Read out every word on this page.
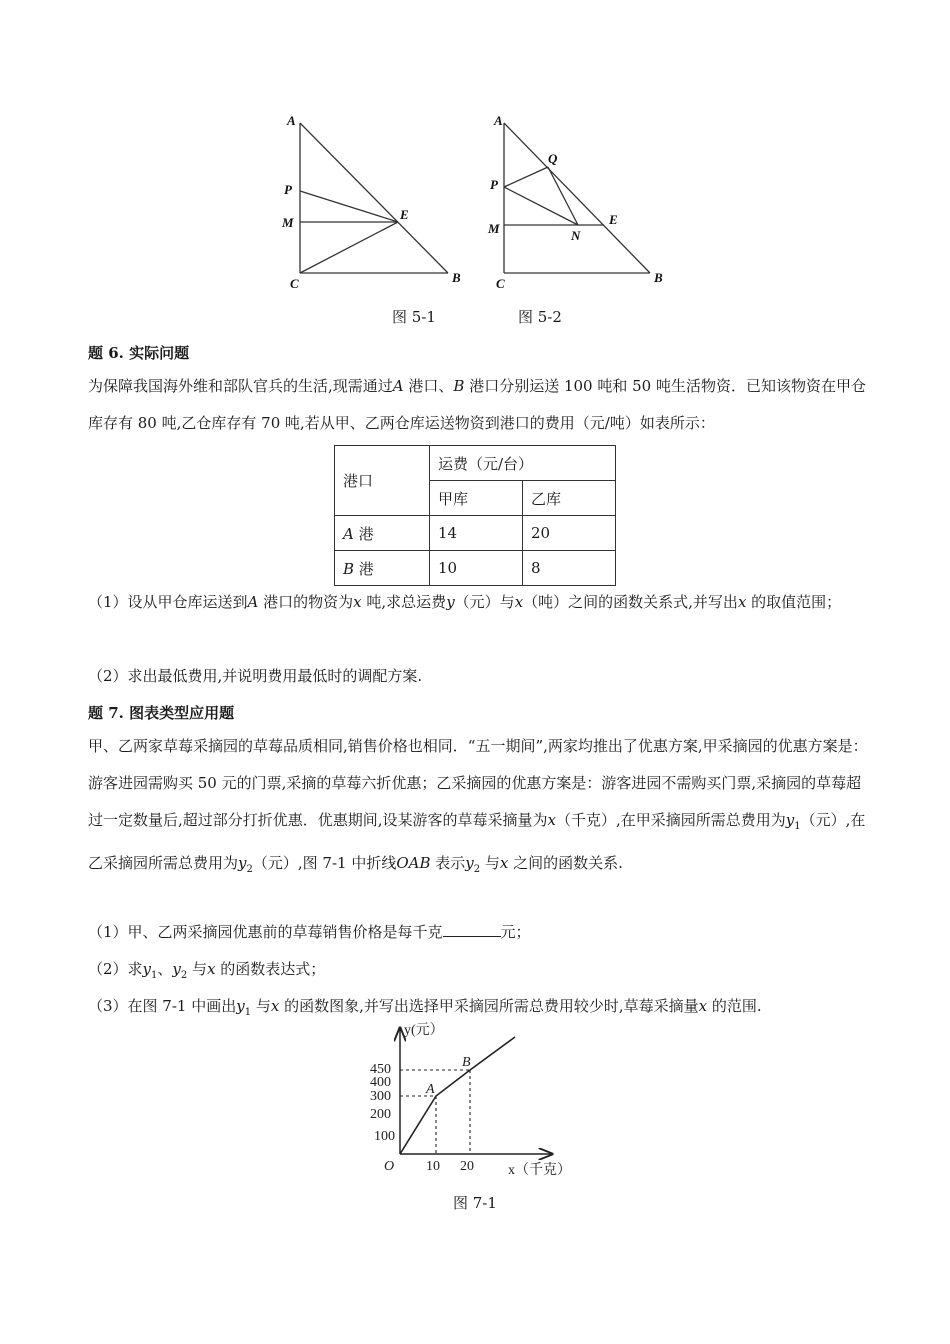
A
P
M
C
E
B
A
Q
P
M	N
E
C	B
图 5-1	图 5-2
题 6. 实际问题
为保障我国海外维和部队官兵的生活,现需通过A 港口、B 港口分别运送 100 吨和 50 吨生活物资．已知该物资在甲仓库存有 80 吨,乙仓库存有 70 吨,若从甲、乙两仓库运送物资到港口的费用（元/吨）如表所示：
港口	运费（元/台）	
	甲库	乙库
A 港	14	20
B 港	10	8
（1）设从甲仓库运送到A 港口的物资为x 吨,求总运费y（元）与x（吨）之间的函数关系式,并写出x 的取值范围；
（2）求出最低费用,并说明费用最低时的调配方案.
题 7. 图表类型应用题
甲、乙两家草莓采摘园的草莓品质相同,销售价格也相同．“五一期间”,两家均推出了优惠方案,甲采摘园的优惠方案是：游客进园需购买 50 元的门票,采摘的草莓六折优惠；乙采摘园的优惠方案是：游客进园不需购买门票,采摘园的草莓超过一定数量后,超过部分打折优惠．优惠期间,设某游客的草莓采摘量为x（千克）,在甲采摘园所需总费用为$y_1$（元）,在乙采摘园所需总费用为$y_2$（元）,图 7-1 中折线OAB 表示$y_2$ 与x 之间的函数关系.
（1）甲、乙两采摘园优惠前的草莓销售价格是每千克	元；
（2）求$y_1$、$y_2$ 与x 的函数表达式；
（3）在图 7-1 中画出$y_1$ 与x 的函数图象,并写出选择甲采摘园所需总费用较少时,草莓采摘量x 的范围.
y(元）
x（千克）
O
A
B
450
400
300
200
100
10 20
图 7-1
